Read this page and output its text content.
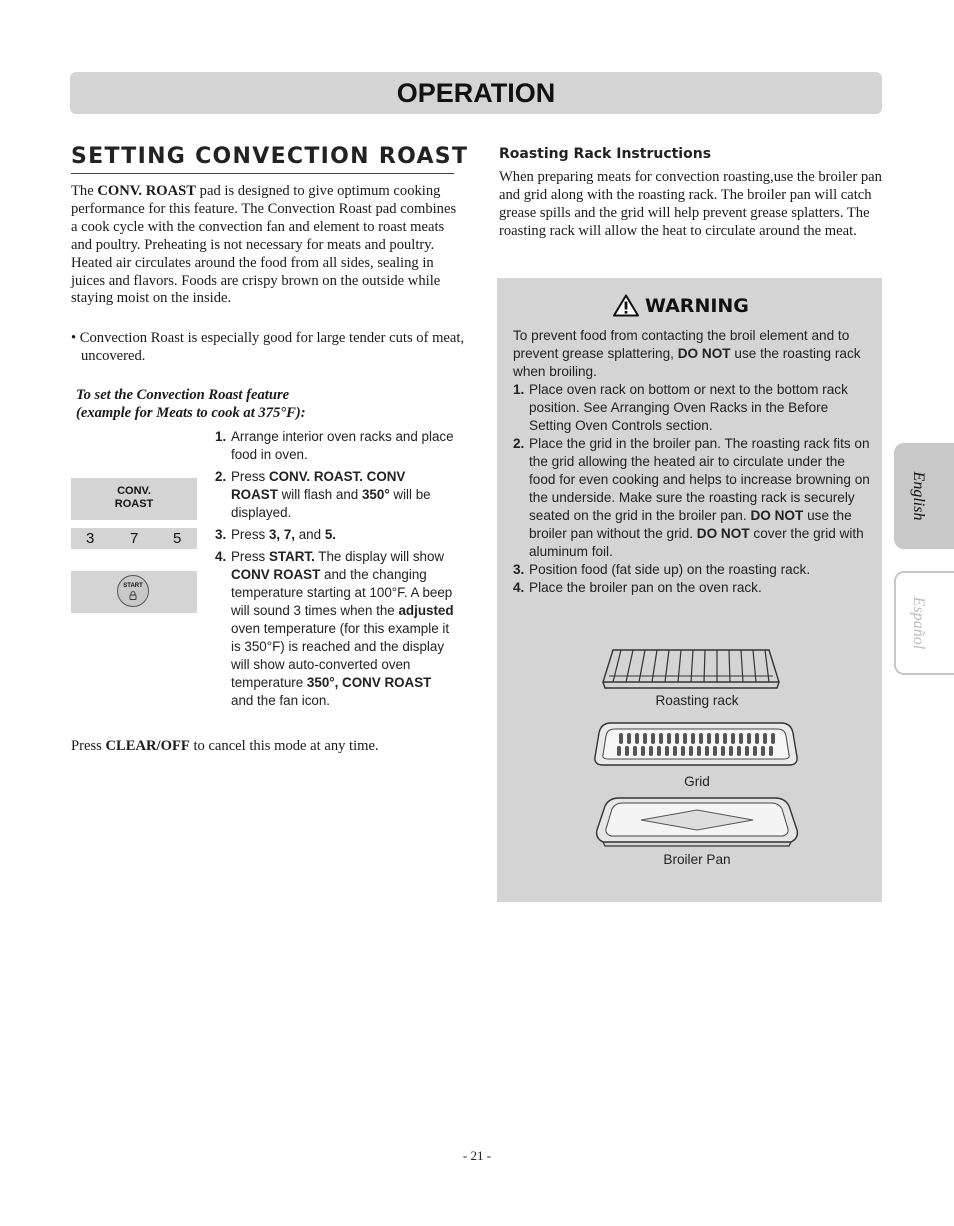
OPERATION
SETTING CONVECTION ROAST
The CONV. ROAST pad is designed to give optimum cooking performance for this feature. The Convection Roast pad combines a cook cycle with the convection fan and element to roast meats and poultry. Preheating is not necessary for meats and poultry. Heated air circulates around the food from all sides, sealing in juices and flavors. Foods are crispy brown on the outside while staying moist on the inside.
• Convection Roast is especially good for large tender cuts of meat, uncovered.
To set the Convection Roast feature
(example for Meats to cook at 375°F):
CONV.
ROAST
3 7 5
START
1. Arrange interior oven racks and place food in oven.
2. Press CONV. ROAST. CONV ROAST will flash and 350° will be displayed.
3. Press 3, 7, and 5.
4. Press START. The display will show CONV ROAST and the changing temperature starting at 100°F. A beep will sound 3 times when the adjusted oven temperature (for this example it is 350°F) is reached and the display will show auto-converted oven temperature 350°, CONV ROAST and the fan icon.
Press CLEAR/OFF to cancel this mode at any time.
Roasting Rack Instructions
When preparing meats for convection roasting,use the broiler pan and grid along with the roasting rack. The broiler pan will catch grease spills and the grid will help prevent grease splatters. The roasting rack will allow the heat to circulate around the meat.
WARNING
To prevent food from contacting the broil element and to prevent grease splattering, DO NOT use the roasting rack when broiling.
1. Place oven rack on bottom or next to the bottom rack position. See Arranging Oven Racks in the Before Setting Oven Controls section.
2. Place the grid in the broiler pan. The roasting rack fits on the grid allowing the heated air to circulate under the food for even cooking and helps to increase browning on the underside. Make sure the roasting rack is securely seated on the grid in the broiler pan. DO NOT use the broiler pan without the grid. DO NOT cover the grid with aluminum foil.
3. Position food (fat side up) on the roasting rack.
4. Place the broiler pan on the oven rack.
Roasting rack
Grid
Broiler Pan
English
Español
- 21 -
